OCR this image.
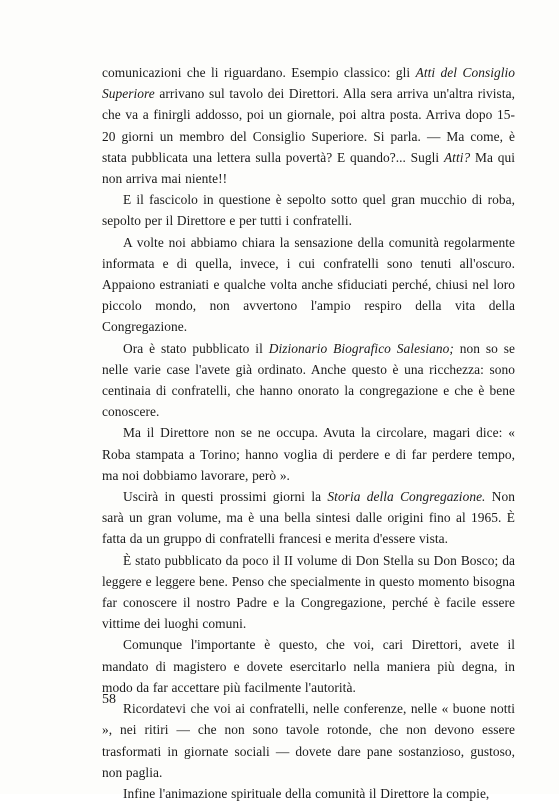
comunicazioni che li riguardano. Esempio classico: gli Atti del Consiglio Superiore arrivano sul tavolo dei Direttori. Alla sera arriva un'altra rivista, che va a finirgli addosso, poi un giornale, poi altra posta. Arriva dopo 15-20 giorni un membro del Consiglio Superiore. Si parla. — Ma come, è stata pubblicata una lettera sulla povertà? E quando?... Sugli Atti? Ma qui non arriva mai niente!!

E il fascicolo in questione è sepolto sotto quel gran mucchio di roba, sepolto per il Direttore e per tutti i confratelli.

A volte noi abbiamo chiara la sensazione della comunità regolarmente informata e di quella, invece, i cui confratelli sono tenuti all'oscuro. Appaiono estraniati e qualche volta anche sfiduciati perché, chiusi nel loro piccolo mondo, non avvertono l'ampio respiro della vita della Congregazione.

Ora è stato pubblicato il Dizionario Biografico Salesiano; non so se nelle varie case l'avete già ordinato. Anche questo è una ricchezza: sono centinaia di confratelli, che hanno onorato la congregazione e che è bene conoscere.

Ma il Direttore non se ne occupa. Avuta la circolare, magari dice: « Roba stampata a Torino; hanno voglia di perdere e di far perdere tempo, ma noi dobbiamo lavorare, però ».

Uscirà in questi prossimi giorni la Storia della Congregazione. Non sarà un gran volume, ma è una bella sintesi dalle origini fino al 1965. È fatta da un gruppo di confratelli francesi e merita d'essere vista.

È stato pubblicato da poco il II volume di Don Stella su Don Bosco; da leggere e leggere bene. Penso che specialmente in questo momento bisogna far conoscere il nostro Padre e la Congregazione, perché è facile essere vittime dei luoghi comuni.

Comunque l'importante è questo, che voi, cari Direttori, avete il mandato di magistero e dovete esercitarlo nella maniera più degna, in modo da far accettare più facilmente l'autorità.

Ricordatevi che voi ai confratelli, nelle conferenze, nelle « buone notti », nei ritiri — che non sono tavole rotonde, che non devono essere trasformati in giornate sociali — dovete dare pane sostanzioso, gustoso, non paglia.

Infine l'animazione spirituale della comunità il Direttore la compie,

58
